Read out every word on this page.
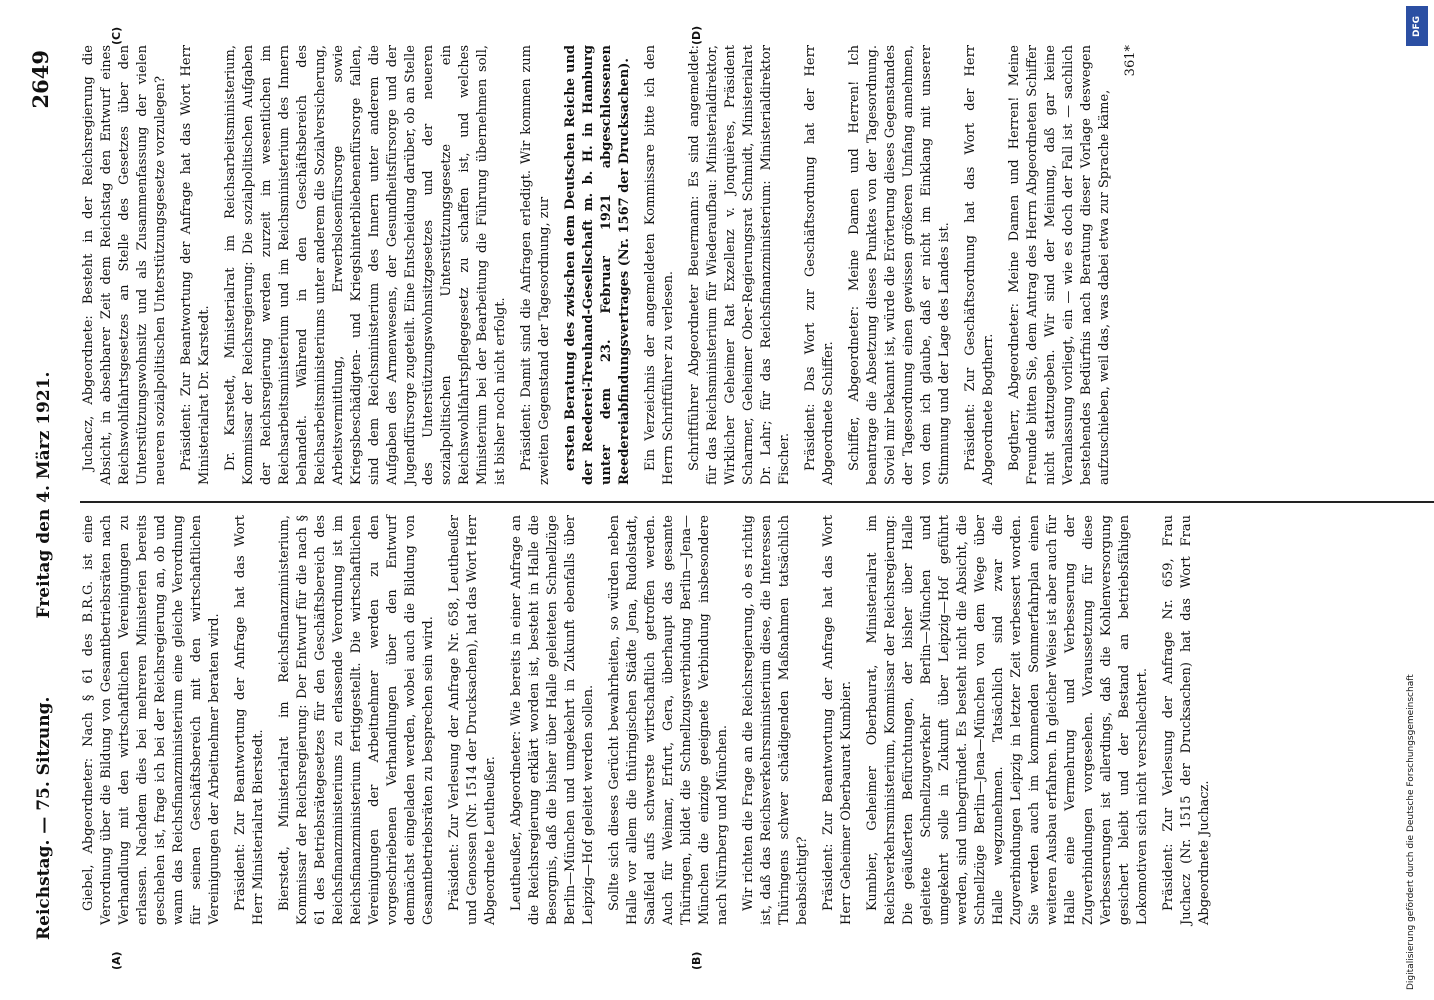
Reichstag. — 75. Sitzung.
Freitag den 4. März 1921.
2649
(A)	(B)
(C)	(D)

Giebel, Abgeordneter: Nach § 61 des B.R.G. ist eine Verordnung über die Bildung von Gesamtbetriebsräten nach Verhandlung mit den wirtschaftlichen Vereinigungen zu erlassen. Nachdem dies bei mehreren Ministerien bereits geschehen ist, frage ich bei der Reichsregierung an, ob und wann das Reichsfinanzministerium eine gleiche Verordnung für seinen Geschäftsbereich mit den wirtschaftlichen Vereinigungen der Arbeitnehmer beraten wird. Präsident: Zur Beantwortung der Anfrage hat das Wort Herr Ministerialrat Bierstedt. Bierstedt, Ministerialrat im Reichsfinanzministerium, Kommissar der Reichsregierung: Der Entwurf für die nach § 61 des Betriebsrätegesetzes für den Geschäftsbereich des Reichsfinanzministeriums zu erlassende Verordnung ist im Reichsfinanzministerium fertiggestellt. Die wirtschaftlichen Vereinigungen der Arbeitnehmer werden zu den vorgeschriebenen Verhandlungen über den Entwurf demnächst eingeladen werden, wobei auch die Bildung von Gesamtbetriebsräten zu besprechen sein wird. Präsident: Zur Verlesung der Anfrage Nr. 658, Leutheußer und Genossen (Nr. 1514 der Drucksachen), hat das Wort Herr Abgeordnete Leutheußer. Leutheußer, Abgeordneter: Wie bereits in einer Anfrage an die Reichsregierung erklärt worden ist, besteht in Halle die Besorgnis, daß die bisher über Halle geleiteten Schnellzüge Berlin—München und umgekehrt in Zukunft ebenfalls über Leipzig—Hof geleitet werden sollen. Sollte sich dieses Gerücht bewahrheiten, so würden neben Halle vor allem die thüringischen Städte Jena, Rudolstadt, Saalfeld aufs schwerste wirtschaftlich getroffen werden. Auch für Weimar, Erfurt, Gera, überhaupt das gesamte Thüringen, bildet die Schnellzugsverbindung Berlin—Jena—München die einzige geeignete Verbindung insbesondere nach Nürnberg und München. Wir richten die Frage an die Reichsregierung, ob es richtig ist, daß das Reichsverkehrsministerium diese, die Interessen Thüringens schwer schädigenden Maßnahmen tatsächlich beabsichtigt? Präsident: Zur Beantwortung der Anfrage hat das Wort Herr Geheimer Oberbaurat Kumbier. Kumbier, Geheimer Oberbaurat, Ministerialrat im Reichsverkehrsministerium, Kommissar der Reichsregierung: Die geäußerten Befürchtungen, der bisher über Halle geleitete Schnellzugverkehr Berlin—München und umgekehrt solle in Zukunft über Leipzig—Hof geführt werden, sind unbegründet. Es besteht nicht die Absicht, die Schnellzüge Berlin—Jena—München von dem Wege über Halle wegzunehmen. Tatsächlich sind zwar die Zugverbindungen Leipzig in letzter Zeit verbessert worden. Sie werden auch im kommenden Sommerfahrplan einen weiteren Ausbau erfahren. In gleicher Weise ist aber auch für Halle eine Vermehrung und Verbesserung der Zugverbindungen vorgesehen. Voraussetzung für diese Verbesserungen ist allerdings, daß die Kohlenversorgung gesichert bleibt und der Bestand an betriebsfähigen Lokomotiven sich nicht verschlechtert. Präsident: Zur Verlesung der Anfrage Nr. 659, Frau Juchacz (Nr. 1515 der Drucksachen) hat das Wort Frau Abgeordnete Juchacz.

Juchacz, Abgeordnete: Besteht in der Reichsregierung die Absicht, in absehbarer Zeit dem Reichstag den Entwurf eines Reichswohlfahrtsgesetzes an Stelle des Gesetzes über den Unterstützungswohnsitz und als Zusammenfassung der vielen neueren sozialpolitischen Unterstützungsgesetze vorzulegen? Präsident: Zur Beantwortung der Anfrage hat das Wort Herr Ministerialrat Dr. Karstedt. Dr. Karstedt, Ministerialrat im Reichsarbeitsministerium, Kommissar der Reichsregierung: Die sozialpolitischen Aufgaben der Reichsregierung werden zurzeit im wesentlichen im Reichsarbeitsministerium und im Reichsministerium des Innern behandelt. Während in den Geschäftsbereich des Reichsarbeitsministeriums unter anderem die Sozialversicherung, Arbeitsvermittlung, Erwerbslosenfürsorge sowie Kriegsbeschädigten- und Kriegshinterbliebenenfürsorge fallen, sind dem Reichsministerium des Innern unter anderem die Aufgaben des Armenwesens, der Gesundheitsfürsorge und der Jugendfürsorge zugeteilt. Eine Entscheidung darüber, ob an Stelle des Unterstützungswohnsitzgesetzes und der neueren sozialpolitischen Unterstützungsgesetze ein Reichswohlfahrtspflegegesetz zu schaffen ist, und welches Ministerium bei der Bearbeitung die Führung übernehmen soll, ist bisher noch nicht erfolgt. Präsident: Damit sind die Anfragen erledigt. Wir kommen zum zweiten Gegenstand der Tagesordnung, zur ersten Beratung des zwischen dem Deutschen Reiche und der Reederei-Treuhand-Gesellschaft m. b. H. in Hamburg unter dem 23. Februar 1921 abgeschlossenen Reedereiabfindungsvertrages (Nr. 1567 der Drucksachen). Ein Verzeichnis der angemeldeten Kommissare bitte ich den Herrn Schriftführer zu verlesen. Schriftführer Abgeordneter Beuermann: Es sind angemeldet: für das Reichsministerium für Wiederaufbau: Ministerialdirektor, Wirklicher Geheimer Rat Exzellenz v. Jonquières, Präsident Scharmer, Geheimer Ober-Regierungsrat Schmidt, Ministerialrat Dr. Lahr; für das Reichsfinanzministerium: Ministerialdirektor Fischer. Präsident: Das Wort zur Geschäftsordnung hat der Herr Abgeordnete Schiffer. Schiffer, Abgeordneter: Meine Damen und Herren! Ich beantrage die Absetzung dieses Punktes von der Tagesordnung. Soviel mir bekannt ist, würde die Erörterung dieses Gegenstandes der Tagesordnung einen gewissen größeren Umfang annehmen, von dem ich glaube, daß er nicht im Einklang mit unserer Stimmung und der Lage des Landes ist. Präsident: Zur Geschäftsordnung hat das Wort der Herr Abgeordnete Bogtherr. Bogtherr, Abgeordneter: Meine Damen und Herren! Meine Freunde bitten Sie, dem Antrag des Herrn Abgeordneten Schiffer nicht stattzugeben. Wir sind der Meinung, daß gar keine Veranlassung vorliegt, ein — wie es doch der Fall ist — sachlich bestehendes Bedürfnis nach Beratung dieser Vorlage deswegen aufzuschieben, weil das, was dabei etwa zur Sprache käme,

361*

Digitalisierung gefördert durch die Deutsche Forschungsgemeinschaft
DFG
